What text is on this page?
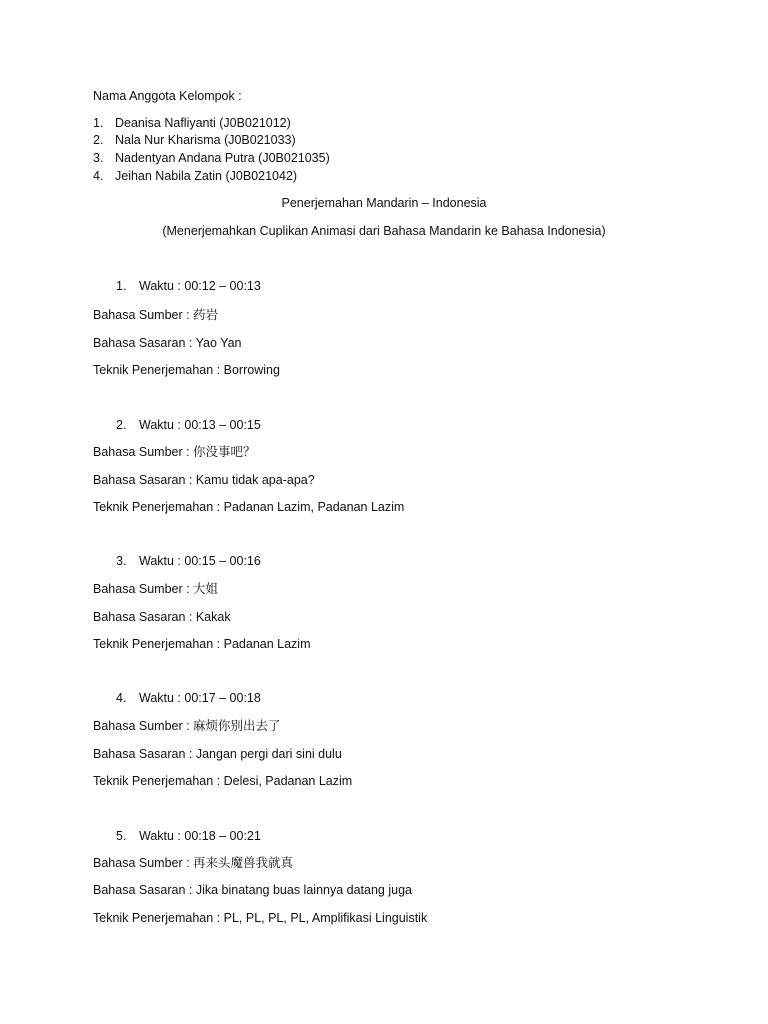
Nama Anggota Kelompok :
1. Deanisa Nafliyanti (J0B021012)
2. Nala Nur Kharisma (J0B021033)
3. Nadentyan Andana Putra (J0B021035)
4. Jeihan Nabila Zatin (J0B021042)
Penerjemahan Mandarin – Indonesia
(Menerjemahkan Cuplikan Animasi dari Bahasa Mandarin ke Bahasa Indonesia)
1. Waktu : 00:12 – 00:13
Bahasa Sumber : 药岩
Bahasa Sasaran : Yao Yan
Teknik Penerjemahan : Borrowing
2. Waktu : 00:13 – 00:15
Bahasa Sumber : 你没事吧？
Bahasa Sasaran : Kamu tidak apa-apa?
Teknik Penerjemahan : Padanan Lazim, Padanan Lazim
3. Waktu : 00:15 – 00:16
Bahasa Sumber : 大姐
Bahasa Sasaran : Kakak
Teknik Penerjemahan : Padanan Lazim
4. Waktu : 00:17 – 00:18
Bahasa Sumber : 麻烦你别出去了
Bahasa Sasaran : Jangan pergi dari sini dulu
Teknik Penerjemahan : Delesi, Padanan Lazim
5. Waktu : 00:18 – 00:21
Bahasa Sumber : 再来头魔兽我就真
Bahasa Sasaran : Jika binatang buas lainnya datang juga
Teknik Penerjemahan : PL, PL, PL, PL, Amplifikasi Linguistik
